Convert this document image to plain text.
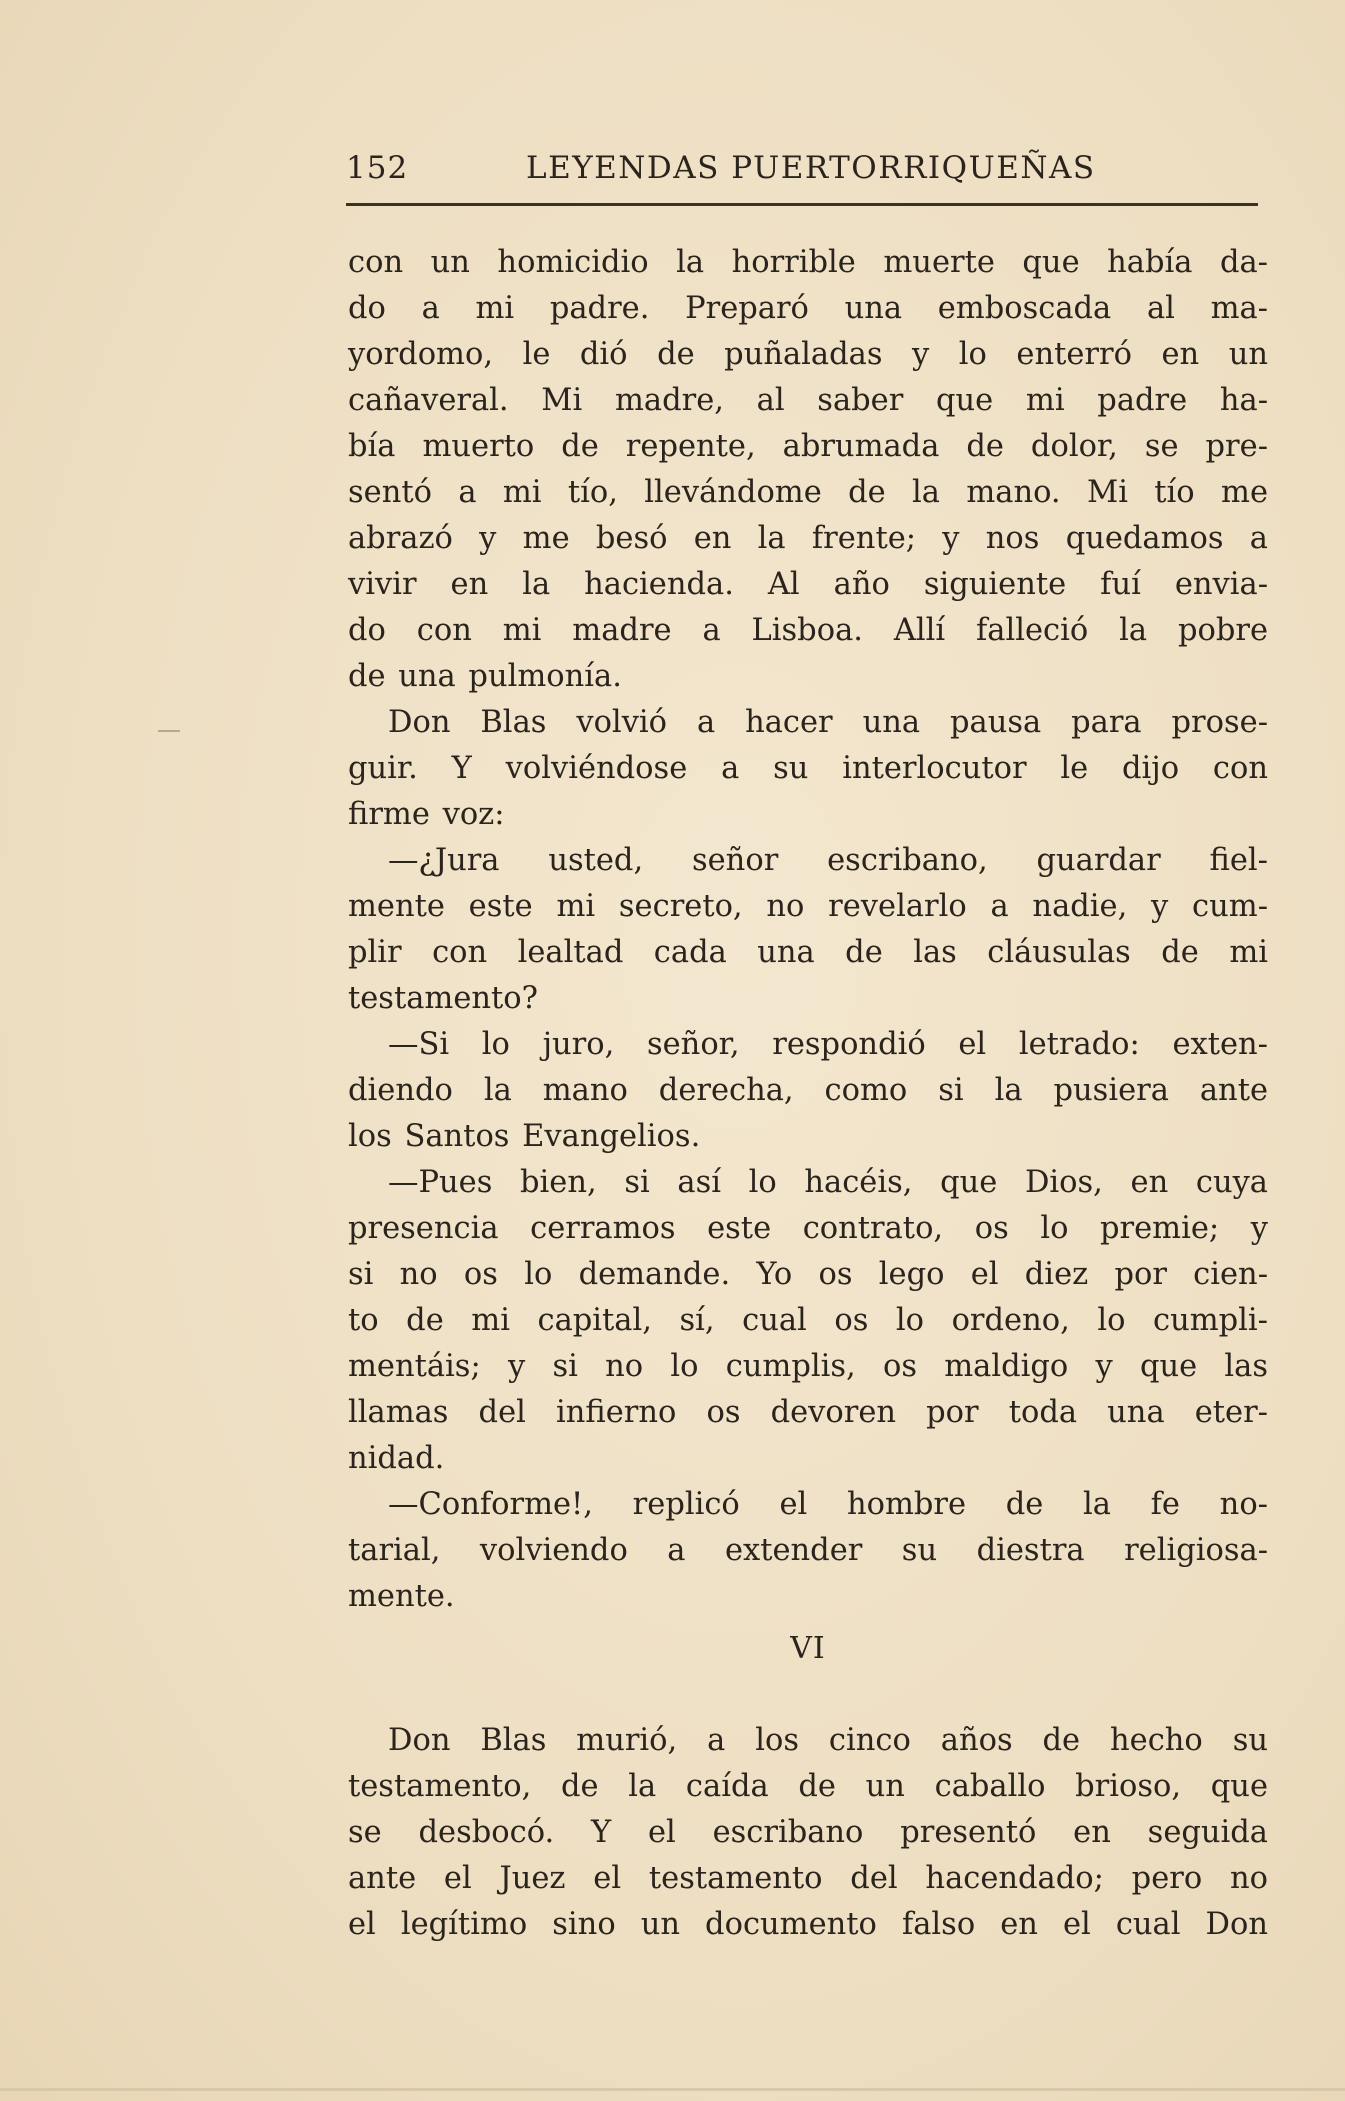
152	LEYENDAS PUERTORRIQUEÑAS
con un homicidio la horrible muerte que había da-
do a mi padre. Preparó una emboscada al ma-
yordomo, le dió de puñaladas y lo enterró en un
cañaveral. Mi madre, al saber que mi padre ha-
bía muerto de repente, abrumada de dolor, se pre-
sentó a mi tío, llevándome de la mano. Mi tío me
abrazó y me besó en la frente; y nos quedamos a
vivir en la hacienda. Al año siguiente fuí envia-
do con mi madre a Lisboa. Allí falleció la pobre
de una pulmonía.
Don Blas volvió a hacer una pausa para prose-
guir. Y volviéndose a su interlocutor le dijo con
firme voz:
—¿Jura usted, señor escribano, guardar fiel-
mente este mi secreto, no revelarlo a nadie, y cum-
plir con lealtad cada una de las cláusulas de mi
testamento?
—Si lo juro, señor, respondió el letrado: exten-
diendo la mano derecha, como si la pusiera ante
los Santos Evangelios.
—Pues bien, si así lo hacéis, que Dios, en cuya
presencia cerramos este contrato, os lo premie; y
si no os lo demande. Yo os lego el diez por cien-
to de mi capital, sí, cual os lo ordeno, lo cumpli-
mentáis; y si no lo cumplis, os maldigo y que las
llamas del infierno os devoren por toda una eter-
nidad.
—Conforme!, replicó el hombre de la fe no-
tarial, volviendo a extender su diestra religiosa-
mente.
VI
Don Blas murió, a los cinco años de hecho su
testamento, de la caída de un caballo brioso, que
se desbocó. Y el escribano presentó en seguida
ante el Juez el testamento del hacendado; pero no
el legítimo sino un documento falso en el cual Don
